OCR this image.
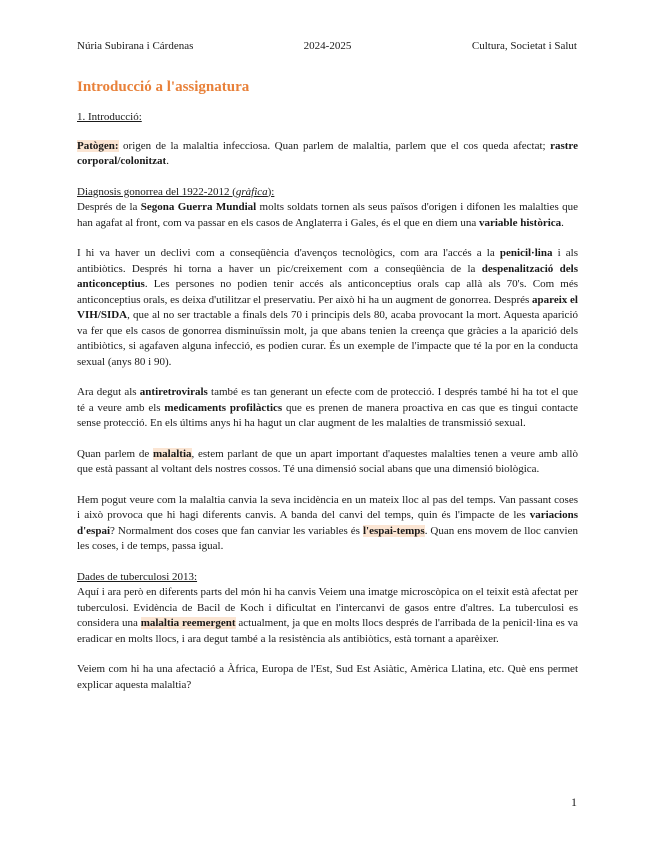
Núria Subirana i Cárdenas	2024-2025	Cultura, Societat i Salut
Introducció a l'assignatura
1. Introducció:

Patògen: origen de la malaltia infecciosa. Quan parlem de malaltia, parlem que el cos queda afectat; rastre corporal/colonitzat.

Diagnosis gonorrea del 1922-2012 (gràfica):

Després de la Segona Guerra Mundial molts soldats tornen als seus països d'origen i difonen les malalties que han agafat al front, com va passar en els casos de Anglaterra i Gales, és el que en diem una variable històrica.

I hi va haver un declivi com a conseqüència d'avenços tecnològics, com ara l'accés a la penicil·lina i als antibiòtics. Després hi torna a haver un pic/creixement com a conseqüència de la despenalització dels anticonceptius. Les persones no podien tenir accés als anticonceptius orals cap allà als 70's. Com més anticonceptius orals, es deixa d'utilitzar el preservatiu. Per això hi ha un augment de gonorrea. Després apareix el VIH/SIDA, que al no ser tractable a finals dels 70 i principis dels 80, acaba provocant la mort. Aquesta aparició va fer que els casos de gonorrea disminuïssin molt, ja que abans tenien la creença que gràcies a la aparició dels antibiòtics, si agafaven alguna infecció, es podien curar. És un exemple de l'impacte que té la por en la conducta sexual (anys 80 i 90).

Ara degut als antiretrovirals també es tan generant un efecte com de protecció. I després també hi ha tot el que té a veure amb els medicaments profilàctics que es prenen de manera proactiva en cas que es tingui contacte sense protecció. En els últims anys hi ha hagut un clar augment de les malalties de transmissió sexual.

Quan parlem de malaltia, estem parlant de que un apart important d'aquestes malalties tenen a veure amb allò que està passant al voltant dels nostres cossos. Té una dimensió social abans que una dimensió biològica.

Hem pogut veure com la malaltia canvia la seva incidència en un mateix lloc al pas del temps. Van passant coses i això provoca que hi hagi diferents canvis. A banda del canvi del temps, quin és l'impacte de les variacions d'espai? Normalment dos coses que fan canviar les variables és l'espai-temps. Quan ens movem de lloc canvien les coses, i de temps, passa igual.

Dades de tuberculosi 2013:

Aquí i ara però en diferents parts del món hi ha canvis Veiem una imatge microscòpica on el teixit està afectat per tuberculosi. Evidència de Bacil de Koch i dificultat en l'intercanvi de gasos entre d'altres. La tuberculosi es considera una malaltia reemergent actualment, ja que en molts llocs després de l'arribada de la penicil·lina es va eradicar en molts llocs, i ara degut també a la resistència als antibiòtics, està tornant a aparèixer.

Veiem com hi ha una afectació a Àfrica, Europa de l'Est, Sud Est Asiàtic, Amèrica Llatina, etc. Què ens permet explicar aquesta malaltia?

1
